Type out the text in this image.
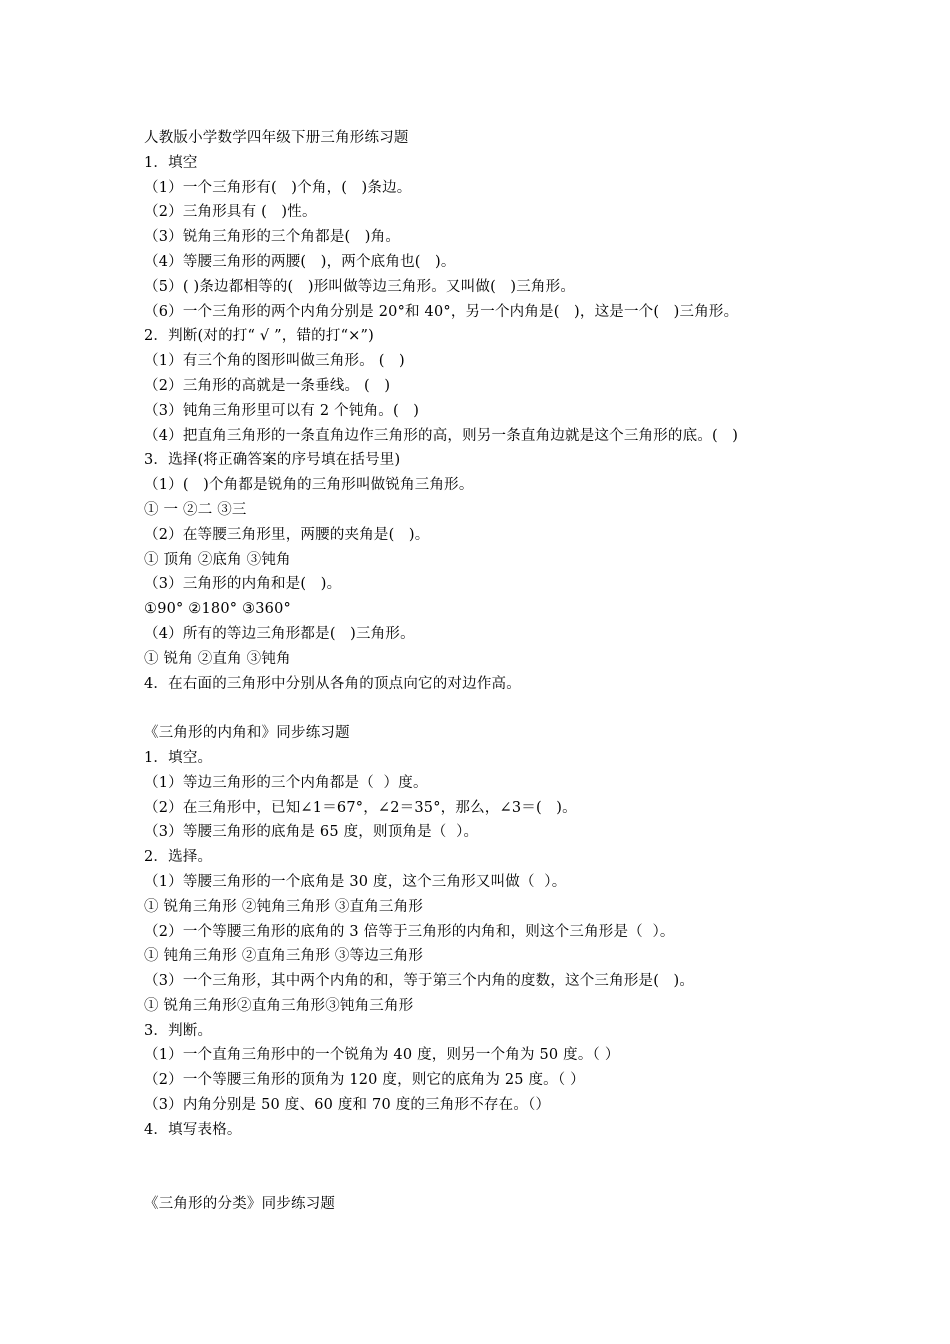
人教版小学数学四年级下册三角形练习题
1．填空
（1）一个三角形有(   )个角，(   )条边。
（2）三角形具有 (   )性。
（3）锐角三角形的三个角都是(   )角。
（4）等腰三角形的两腰(   )，两个底角也(   )。
（5）( )条边都相等的(   )形叫做等边三角形。又叫做(   )三角形。
（6）一个三角形的两个内角分别是 20°和 40°，另一个内角是(   )，这是一个(   )三角形。
2．判断(对的打“ √ ”，错的打“×”)
（1）有三个角的图形叫做三角形。 (   )
（2）三角形的高就是一条垂线。 (   )
（3）钝角三角形里可以有 2 个钝角。(   )
（4）把直角三角形的一条直角边作三角形的高，则另一条直角边就是这个三角形的底。(   )
3．选择(将正确答案的序号填在括号里)
（1）(   )个角都是锐角的三角形叫做锐角三角形。
① 一 ②二 ③三
（2）在等腰三角形里，两腰的夹角是(   )。
① 顶角 ②底角 ③钝角
（3）三角形的内角和是(   )。
①90° ②180° ③360°
（4）所有的等边三角形都是(   )三角形。
① 锐角 ②直角 ③钝角
4．在右面的三角形中分别从各角的顶点向它的对边作高。
《三角形的内角和》同步练习题
1．填空。
（1）等边三角形的三个内角都是（  ）度。
（2）在三角形中，已知∠1＝67°，∠2＝35°，那么，∠3＝(   )。
（3）等腰三角形的底角是 65 度，则顶角是（  ）。
2．选择。
（1）等腰三角形的一个底角是 30 度，这个三角形又叫做（  ）。
① 锐角三角形 ②钝角三角形 ③直角三角形
（2）一个等腰三角形的底角的 3 倍等于三角形的内角和，则这个三角形是（  ）。
① 钝角三角形 ②直角三角形 ③等边三角形
（3）一个三角形，其中两个内角的和，等于第三个内角的度数，这个三角形是(   )。
① 锐角三角形②直角三角形③钝角三角形
3．判断。
（1）一个直角三角形中的一个锐角为 40 度，则另一个角为 50 度。（ ）
（2）一个等腰三角形的顶角为 120 度，则它的底角为 25 度。（ ）
（3）内角分别是 50 度、60 度和 70 度的三角形不存在。（）
4．填写表格。
《三角形的分类》同步练习题
